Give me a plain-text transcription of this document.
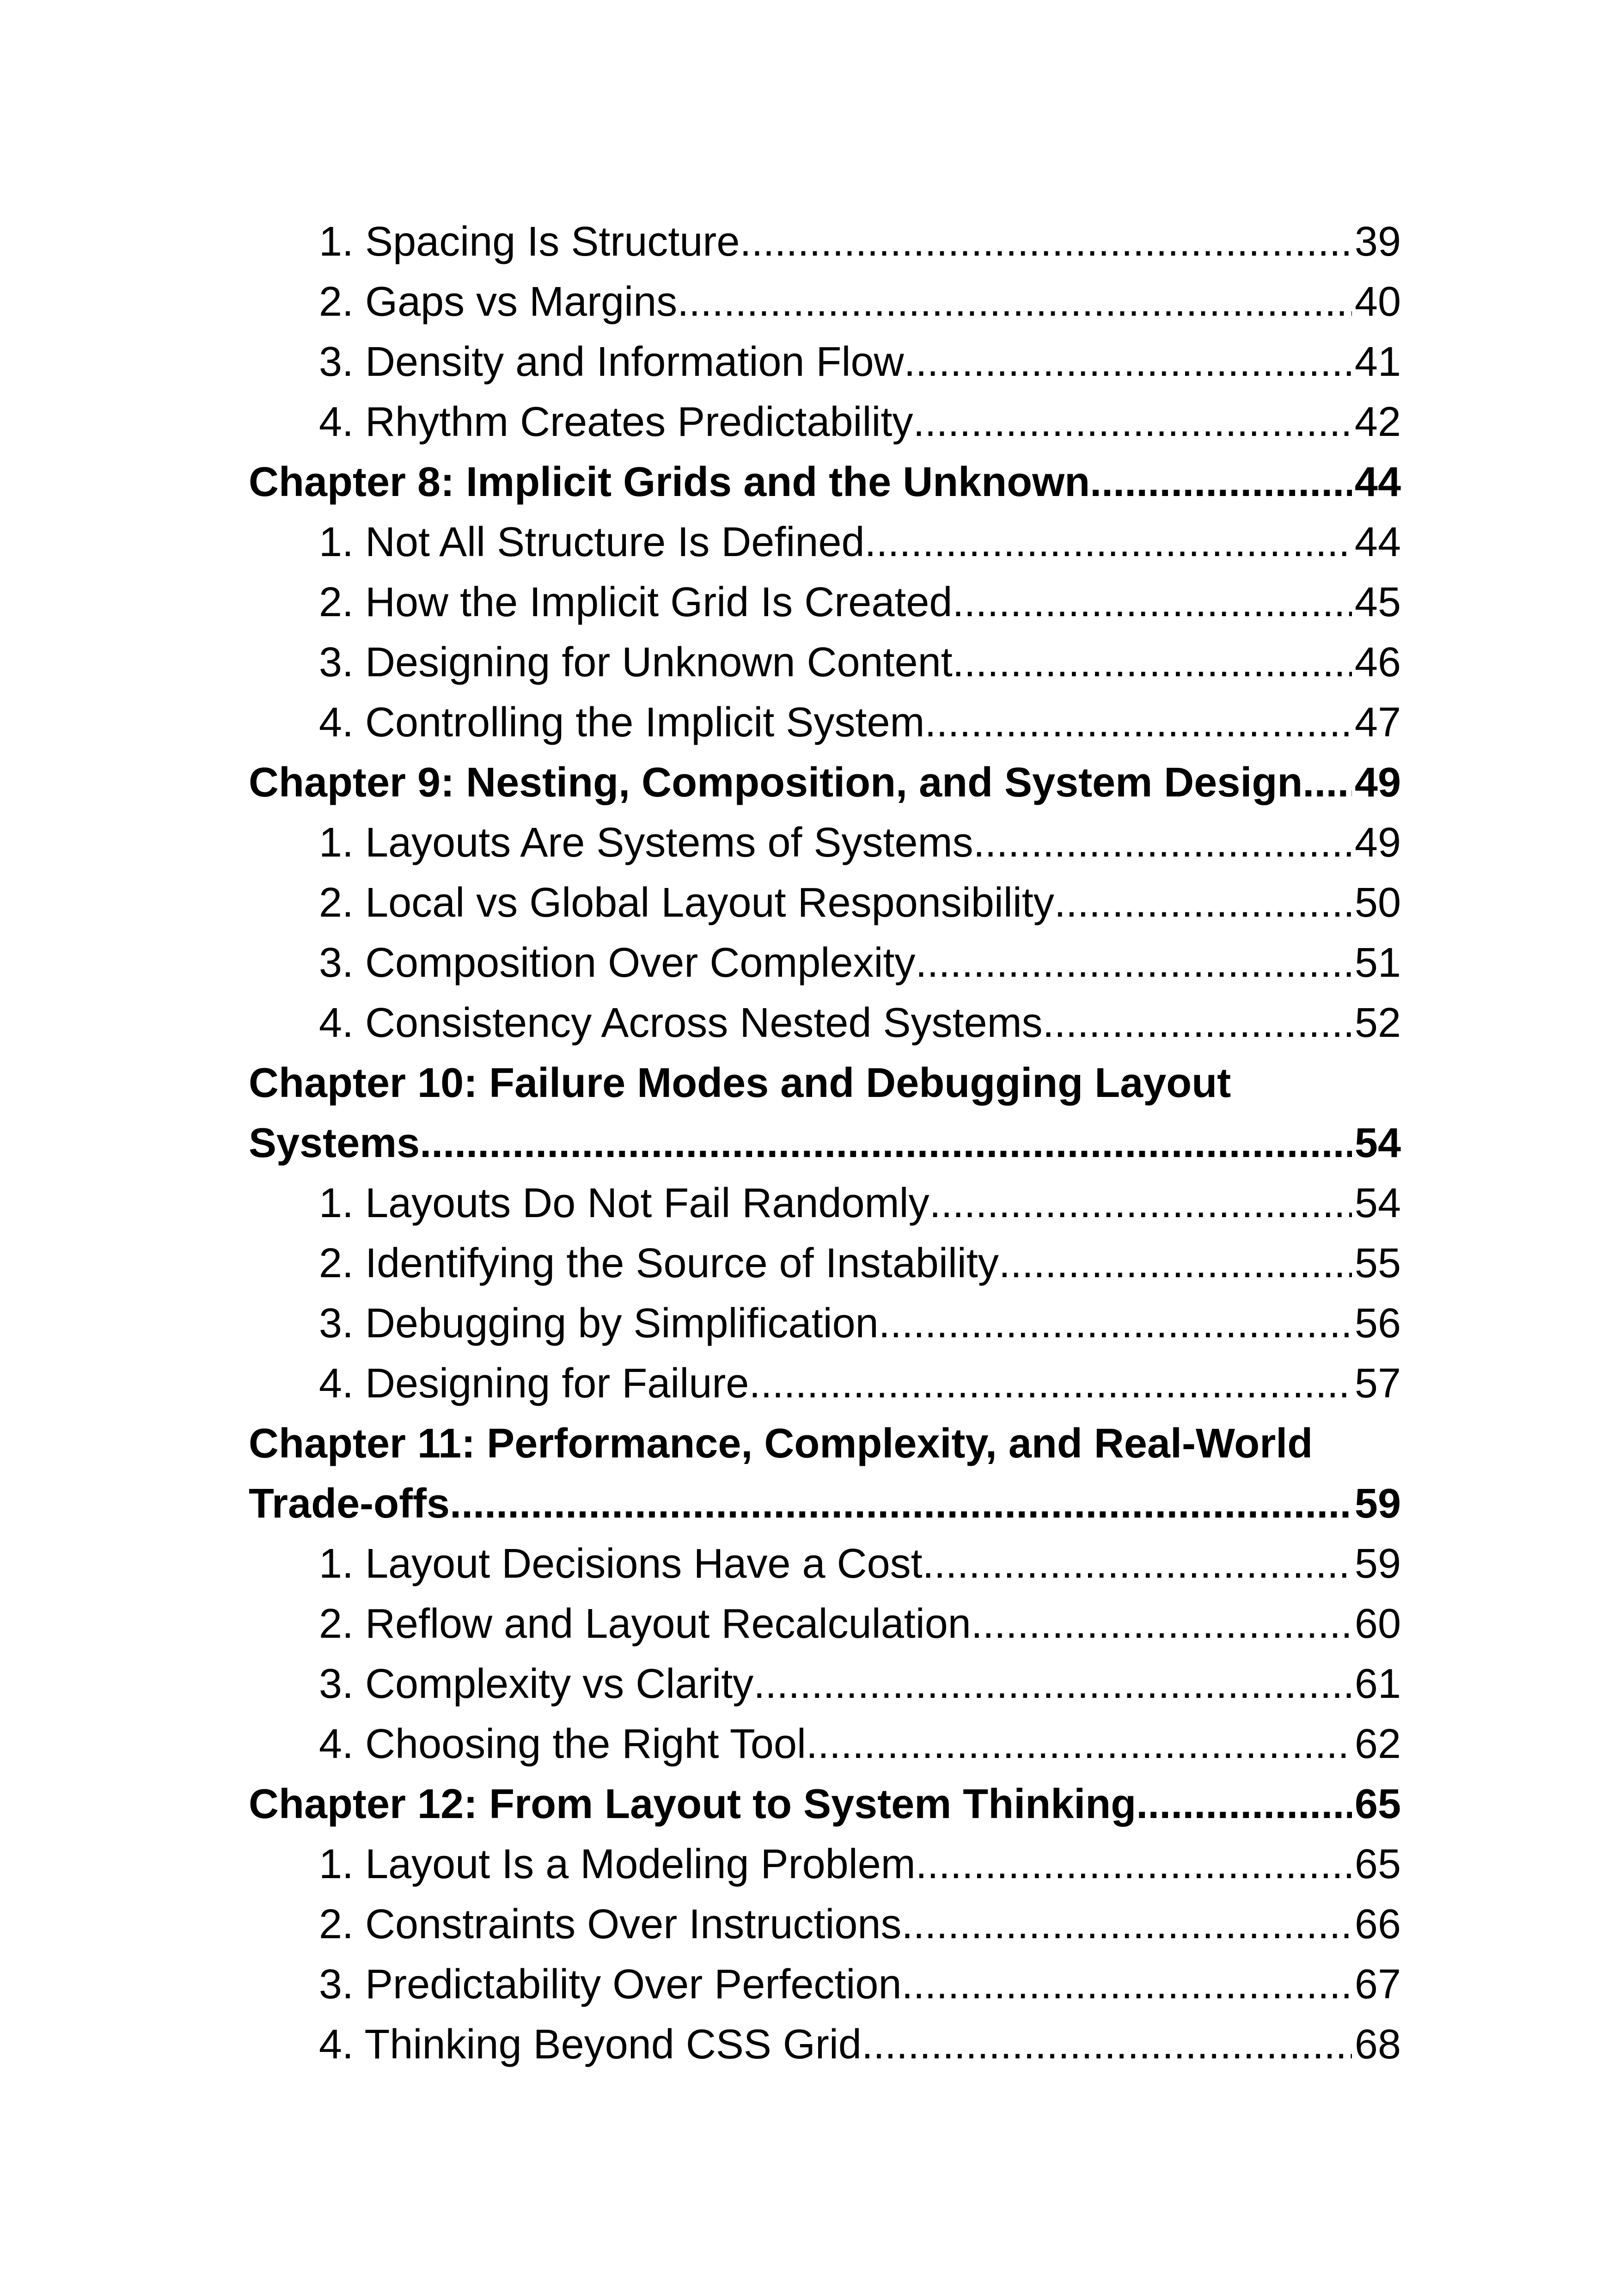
1. Spacing Is Structure .....	39
2. Gaps vs Margins .....	40
3. Density and Information Flow .....	41
4. Rhythm Creates Predictability .....	42
Chapter 8: Implicit Grids and the Unknown .....	44
1. Not All Structure Is Defined .....	44
2. How the Implicit Grid Is Created .....	45
3. Designing for Unknown Content .....	46
4. Controlling the Implicit System .....	47
Chapter 9: Nesting, Composition, and System Design ..... 49
1. Layouts Are Systems of Systems .....	49
2. Local vs Global Layout Responsibility .....	50
3. Composition Over Complexity .....	51
4. Consistency Across Nested Systems .....	52
Chapter 10: Failure Modes and Debugging Layout
Systems .....	54
1. Layouts Do Not Fail Randomly .....	54
2. Identifying the Source of Instability .....	55
3. Debugging by Simplification .....	56
4. Designing for Failure .....	57
Chapter 11: Performance, Complexity, and Real-World
Trade-offs .....	59
1. Layout Decisions Have a Cost .....	59
2. Reflow and Layout Recalculation .....	60
3. Complexity vs Clarity .....	61
4. Choosing the Right Tool .....	62
Chapter 12: From Layout to System Thinking .....	65
1. Layout Is a Modeling Problem .....	65
2. Constraints Over Instructions .....	66
3. Predictability Over Perfection .....	67
4. Thinking Beyond CSS Grid .....	68
